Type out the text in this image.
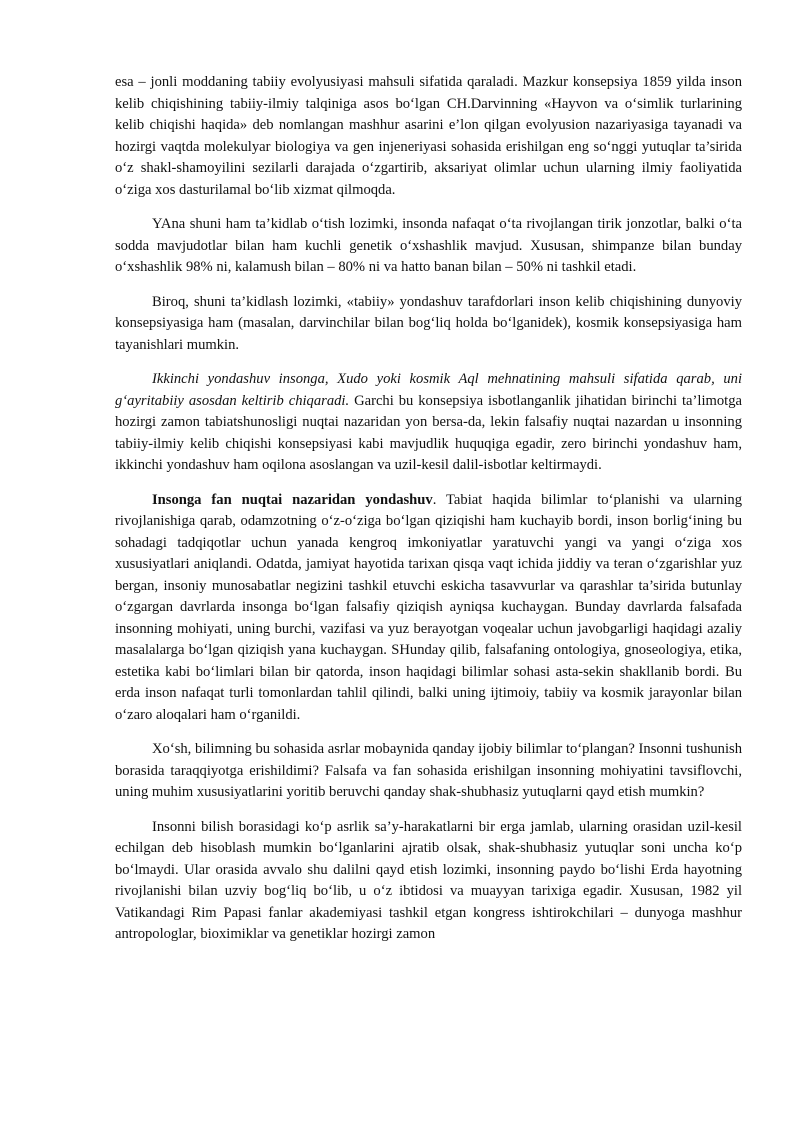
esa – jonli moddaning tabiiy evolyusiyasi mahsuli sifatida qaraladi. Mazkur konsepsiya 1859 yilda inson kelib chiqishining tabiiy-ilmiy talqiniga asos bo‘lgan CH.Darvinning «Hayvon va o‘simlik turlarining kelib chiqishi haqida» deb nomlangan mashhur asarini e’lon qilgan evolyusion nazariyasiga tayanadi va hozirgi vaqtda molekulyar biologiya va gen injeneriyasi sohasida erishilgan eng so‘nggi yutuqlar ta’sirida o‘z shakl-shamoyilini sezilarli darajada o‘zgartirib, aksariyat olimlar uchun ularning ilmiy faoliyatida o‘ziga xos dasturilamal bo‘lib xizmat qilmoqda.

YAna shuni ham ta’kidlab o‘tish lozimki, insonda nafaqat o‘ta rivojlangan tirik jonzotlar, balki o‘ta sodda mavjudotlar bilan ham kuchli genetik o‘xshashlik mavjud. Xususan, shimpanze bilan bunday o‘xshashlik 98% ni, kalamush bilan – 80% ni va hatto banan bilan – 50% ni tashkil etadi.

Biroq, shuni ta’kidlash lozimki, «tabiiy» yondashuv tarafdorlari inson kelib chiqishining dunyoviy konsepsiyasiga ham (masalan, darvinchilar bilan bog‘liq holda bo‘lganidek), kosmik konsepsiyasiga ham tayanishlari mumkin.

Ikkinchi yondashuv insonga, Xudo yoki kosmik Aql mehnatining mahsuli sifatida qarab, uni g‘ayritabiiy asosdan keltirib chiqaradi. Garchi bu konsepsiya isbotlanganlik jihatidan birinchi ta’limotga hozirgi zamon tabiatshunosligi nuqtai nazaridan yon bersa-da, lekin falsafiy nuqtai nazardan u insonning tabiiy-ilmiy kelib chiqishi konsepsiyasi kabi mavjudlik huquqiga egadir, zero birinchi yondashuv ham, ikkinchi yondashuv ham oqilona asoslangan va uzil-kesil dalil-isbotlar keltirmaydi.

Insonga fan nuqtai nazaridan yondashuv. Tabiat haqida bilimlar to‘planishi va ularning rivojlanishiga qarab, odamzotning o‘z-o‘ziga bo‘lgan qiziqishi ham kuchayib bordi, inson borlig‘ining bu sohadagi tadqiqotlar uchun yanada kengroq imkoniyatlar yaratuvchi yangi va yangi o‘ziga xos xususiyatlari aniqlandi. Odatda, jamiyat hayotida tarixan qisqa vaqt ichida jiddiy va teran o‘zgarishlar yuz bergan, insoniy munosabatlar negizini tashkil etuvchi eskicha tasavvurlar va qarashlar ta’sirida butunlay o‘zgargan davrlarda insonga bo‘lgan falsafiy qiziqish ayniqsa kuchaygan. Bunday davrlarda falsafada insonning mohiyati, uning burchi, vazifasi va yuz berayotgan voqealar uchun javobgarligi haqidagi azaliy masalalarga bo‘lgan qiziqish yana kuchaygan. SHunday qilib, falsafaning ontologiya, gnoseologiya, etika, estetika kabi bo‘limlari bilan bir qatorda, inson haqidagi bilimlar sohasi asta-sekin shakllanib bordi. Bu erda inson nafaqat turli tomonlardan tahlil qilindi, balki uning ijtimoiy, tabiiy va kosmik jarayonlar bilan o‘zaro aloqalari ham o‘rganildi.

Xo‘sh, bilimning bu sohasida asrlar mobaynida qanday ijobiy bilimlar to‘plangan? Insonni tushunish borasida taraqqiyotga erishildimi? Falsafa va fan sohasida erishilgan insonning mohiyatini tavsiflovchi, uning muhim xususiyatlarini yoritib beruvchi qanday shak-shubhasiz yutuqlarni qayd etish mumkin?

Insonni bilish borasidagi ko‘p asrlik sa’y-harakatlarni bir erga jamlab, ularning orasidan uzil-kesil echilgan deb hisoblash mumkin bo‘lganlarini ajratib olsak, shak-shubhasiz yutuqlar soni uncha ko‘p bo‘lmaydi. Ular orasida avvalo shu dalilni qayd etish lozimki, insonning paydo bo‘lishi Erda hayotning rivojlanishi bilan uzviy bog‘liq bo‘lib, u o‘z ibtidosi va muayyan tarixiga egadir. Xususan, 1982 yil Vatikandagi Rim Papasi fanlar akademiyasi tashkil etgan kongress ishtirokchilari – dunyoga mashhur antropologlar, bioximiklar va genetiklar hozirgi zamon
